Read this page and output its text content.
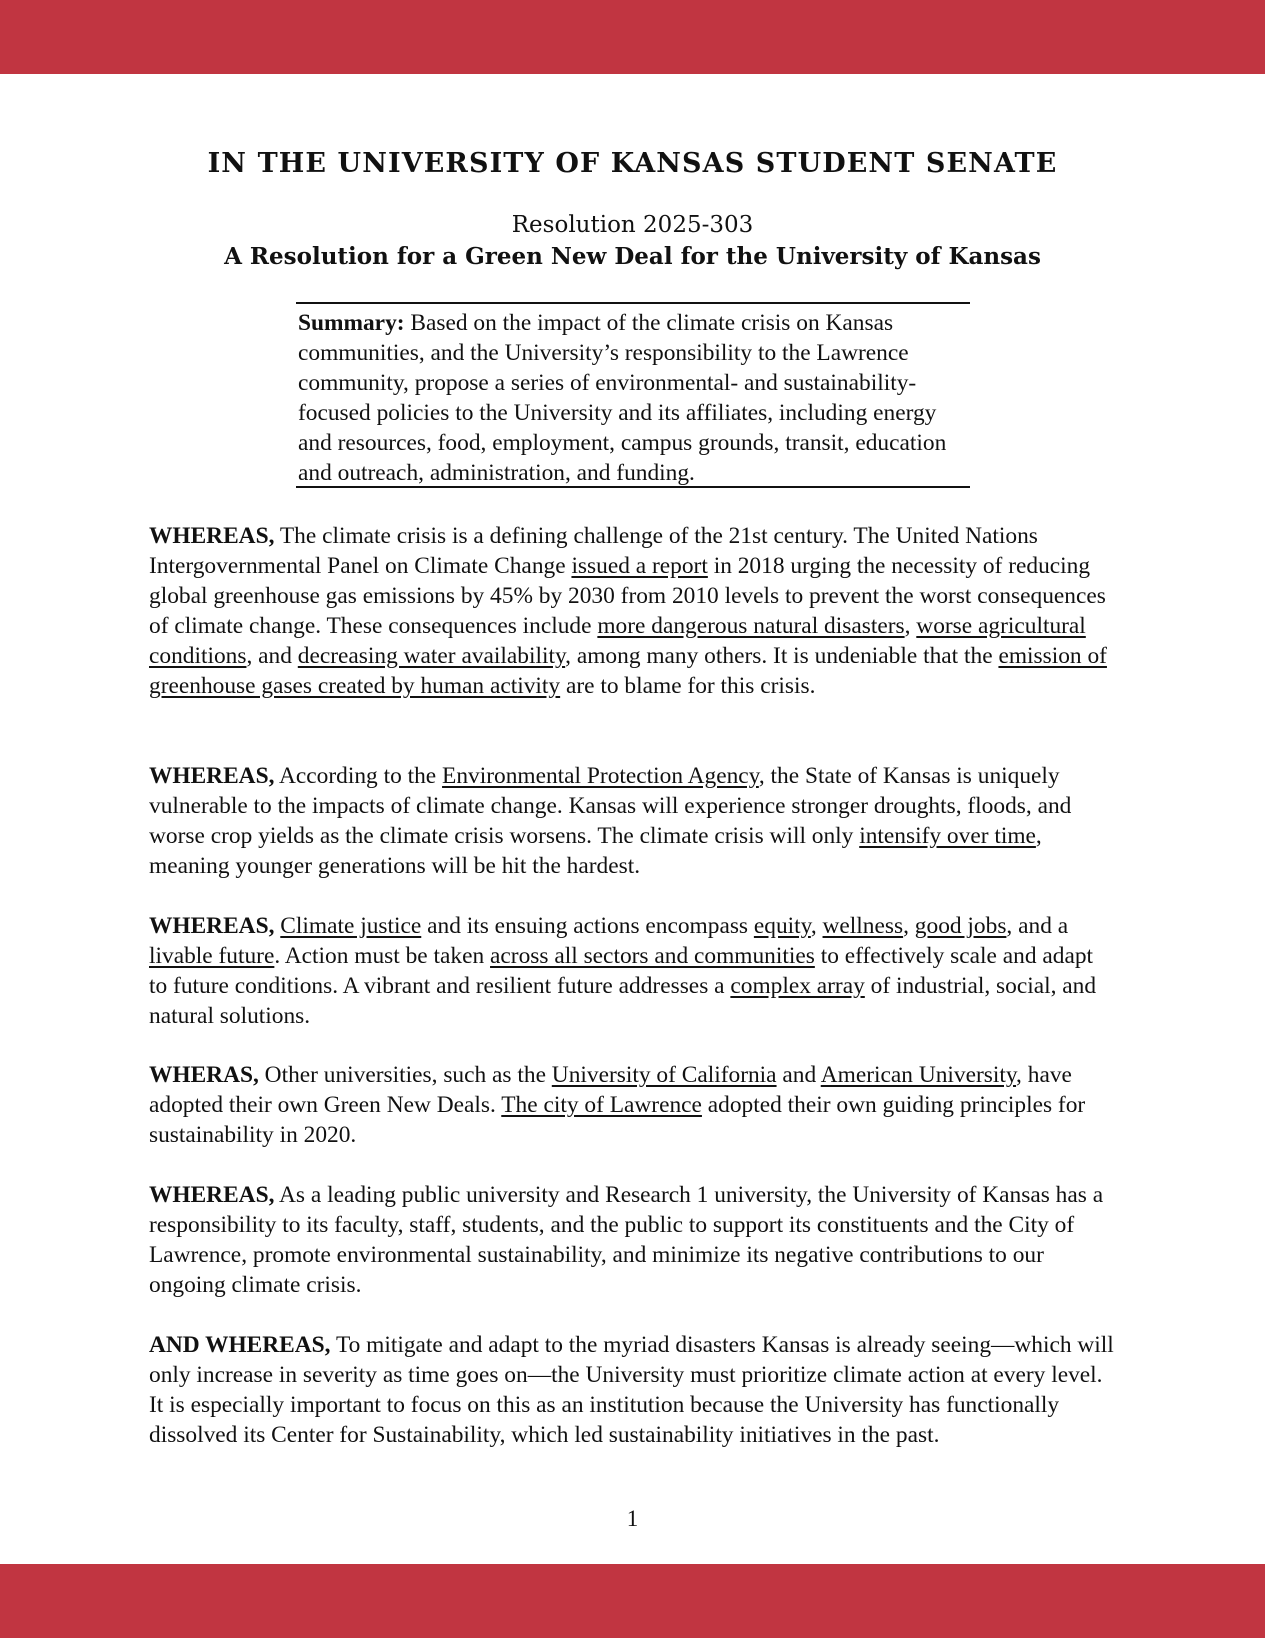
IN THE UNIVERSITY OF KANSAS STUDENT SENATE
Resolution 2025-303
A Resolution for a Green New Deal for the University of Kansas
Summary: Based on the impact of the climate crisis on Kansas communities, and the University’s responsibility to the Lawrence community, propose a series of environmental- and sustainability-focused policies to the University and its affiliates, including energy and resources, food, employment, campus grounds, transit, education and outreach, administration, and funding.
WHEREAS, The climate crisis is a defining challenge of the 21st century. The United Nations Intergovernmental Panel on Climate Change issued a report in 2018 urging the necessity of reducing global greenhouse gas emissions by 45% by 2030 from 2010 levels to prevent the worst consequences of climate change. These consequences include more dangerous natural disasters, worse agricultural conditions, and decreasing water availability, among many others. It is undeniable that the emission of greenhouse gases created by human activity are to blame for this crisis.
WHEREAS, According to the Environmental Protection Agency, the State of Kansas is uniquely vulnerable to the impacts of climate change. Kansas will experience stronger droughts, floods, and worse crop yields as the climate crisis worsens. The climate crisis will only intensify over time, meaning younger generations will be hit the hardest.
WHEREAS, Climate justice and its ensuing actions encompass equity, wellness, good jobs, and a livable future. Action must be taken across all sectors and communities to effectively scale and adapt to future conditions. A vibrant and resilient future addresses a complex array of industrial, social, and natural solutions.
WHERAS, Other universities, such as the University of California and American University, have adopted their own Green New Deals. The city of Lawrence adopted their own guiding principles for sustainability in 2020.
WHEREAS, As a leading public university and Research 1 university, the University of Kansas has a responsibility to its faculty, staff, students, and the public to support its constituents and the City of Lawrence, promote environmental sustainability, and minimize its negative contributions to our ongoing climate crisis.
AND WHEREAS, To mitigate and adapt to the myriad disasters Kansas is already seeing—which will only increase in severity as time goes on—the University must prioritize climate action at every level. It is especially important to focus on this as an institution because the University has functionally dissolved its Center for Sustainability, which led sustainability initiatives in the past.
1
